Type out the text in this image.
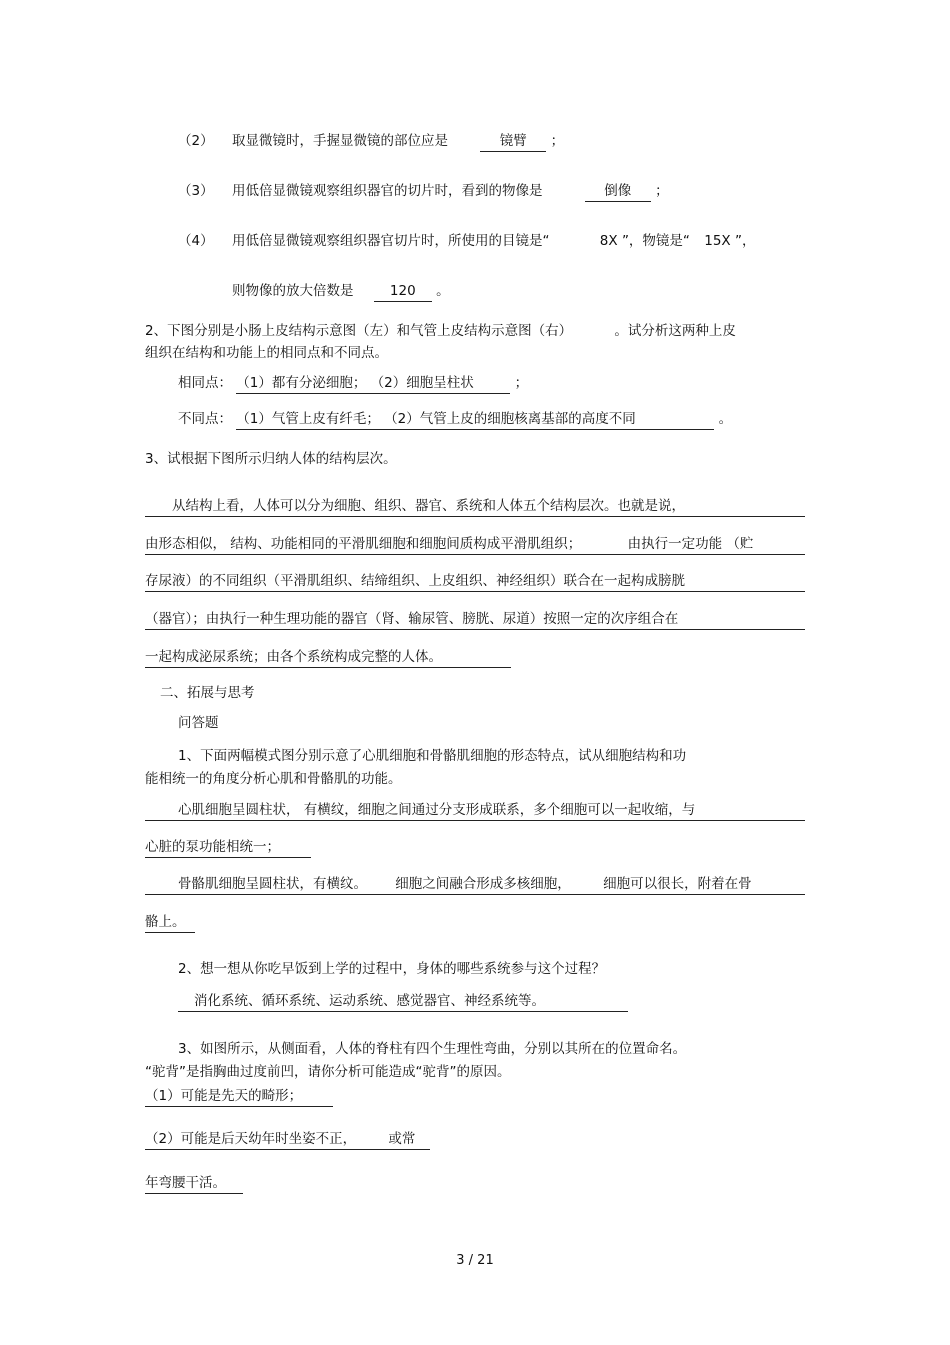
（2） 取显微镜时，手握显微镜的部位应是	镜臂 ；
（3） 用低倍显微镜观察组织器官的切片时，看到的物像是	倒像 ；
（4） 用低倍显微镜观察组织器官切片时，所使用的目镜是“	8X ”，物镜是“ 15X ”，
则物像的放大倍数是	120 。
2、下图分别是小肠上皮结构示意图（左）和气管上皮结构示意图（右）	。试分析这两种上皮
组织在结构和功能上的相同点和不同点。
相同点： （1）都有分泌细胞； （2）细胞呈柱状	；
不同点： （1）气管上皮有纤毛； （2）气管上皮的细胞核离基部的高度不同	。
3、试根据下图所示归纳人体的结构层次。
从结构上看，人体可以分为细胞、组织、器官、系统和人体五个结构层次。也就是说，
由形态相似， 结构、功能相同的平滑肌细胞和细胞间质构成平滑肌组织；	由执行一定功能 （贮
存尿液）的不同组织（平滑肌组织、结缔组织、上皮组织、神经组织）联合在一起构成膀胱
（器官）；由执行一种生理功能的器官（肾、输尿管、膀胱、尿道）按照一定的次序组合在
一起构成泌尿系统；由各个系统构成完整的人体。
二、拓展与思考
问答题
1、下面两幅模式图分别示意了心肌细胞和骨骼肌细胞的形态特点，试从细胞结构和功
能相统一的角度分析心肌和骨骼肌的功能。
心肌细胞呈圆柱状， 有横纹，细胞之间通过分支形成联系，多个细胞可以一起收缩，与
心脏的泵功能相统一；
骨骼肌细胞呈圆柱状，有横纹。 细胞之间融合形成多核细胞， 细胞可以很长，附着在骨
骼上。
2、想一想从你吃早饭到上学的过程中，身体的哪些系统参与这个过程？
消化系统、循环系统、运动系统、感觉器官、神经系统等。
3、如图所示，从侧面看，人体的脊柱有四个生理性弯曲，分别以其所在的位置命名。
“驼背”是指胸曲过度前凹，请你分析可能造成“驼背”的原因。
（1）可能是先天的畸形；
（2）可能是后天幼年时坐姿不正， 或常
年弯腰干活。
3 / 21
